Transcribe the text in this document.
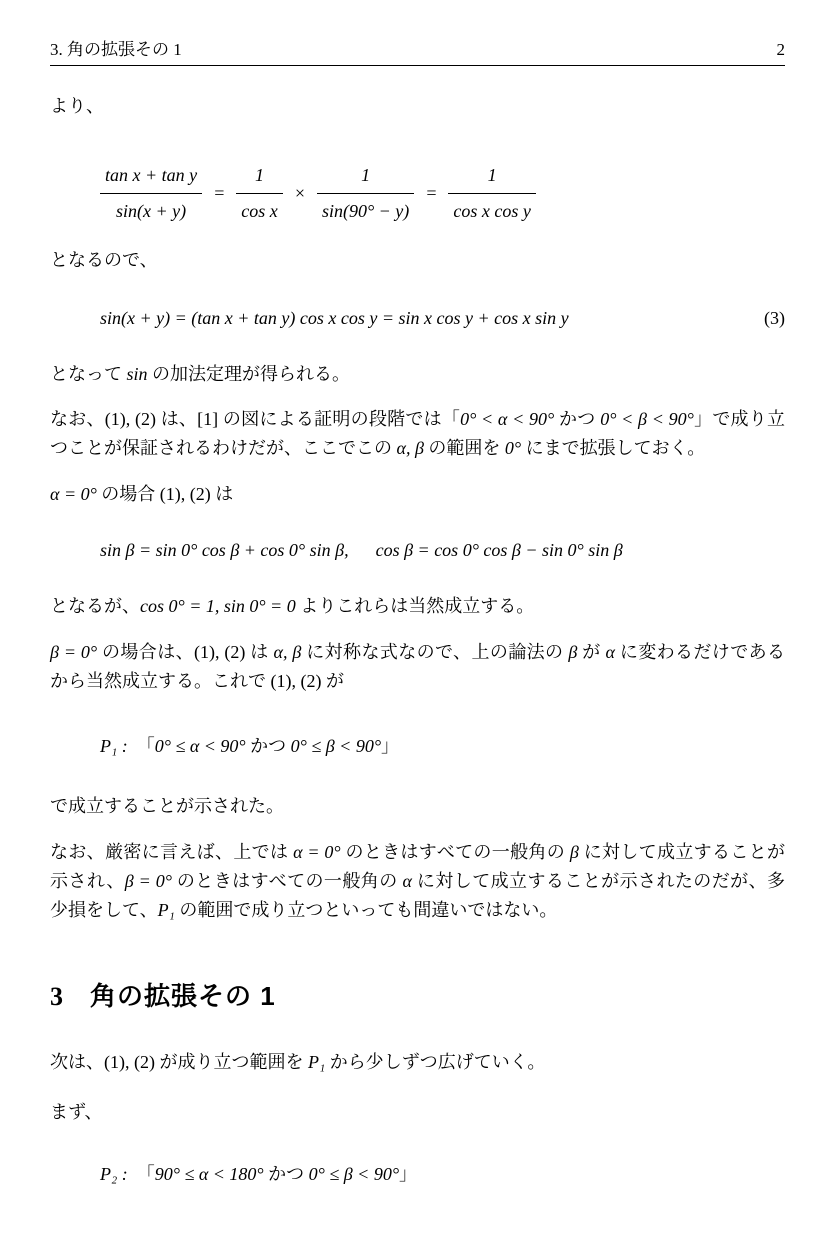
3. 角の拡張その 1	2
より、
$\frac{\text{tan x + tan y}}{\sin(x + y)} = \frac{1}{\text{cos x}} \times \frac{1}{\sin(90^\circ - y)} = \frac{1}{\text{cos x cos y}}$
となるので、
sin(x + y) = (tan x + tan y) cos x cos y = sin x cos y + cos x sin y	(3)
となって sin の加法定理が得られる。
なお、(1), (2) は、[1] の図による証明の段階では「0° < α < 90° かつ 0° < β < 90°」で成り立つことが保証されるわけだが、ここでこの α, β の範囲を 0° にまで拡張しておく。
α = 0° の場合 (1), (2) は
sin β = sin 0° cos β + cos 0° sin β,  cos β = cos 0° cos β − sin 0° sin β
となるが、cos 0° = 1, sin 0° = 0 よりこれらは当然成立する。
β = 0° の場合は、(1), (2) は α, β に対称な式なので、上の論法の β が α に変わるだけであるから当然成立する。これで (1), (2) が
P₁ : 「0° ≤ α < 90° かつ 0° ≤ β < 90°」
で成立することが示された。
なお、厳密に言えば、上では α = 0° のときはすべての一般角の β に対して成立することが示され、β = 0° のときはすべての一般角の α に対して成立することが示されたのだが、多少損をして、P₁ の範囲で成り立つといっても間違いではない。
3 角の拡張その 1
次は、(1), (2) が成り立つ範囲を P₁ から少しずつ広げていく。
まず、
P₂ : 「90° ≤ α < 180° かつ 0° ≤ β < 90°」
